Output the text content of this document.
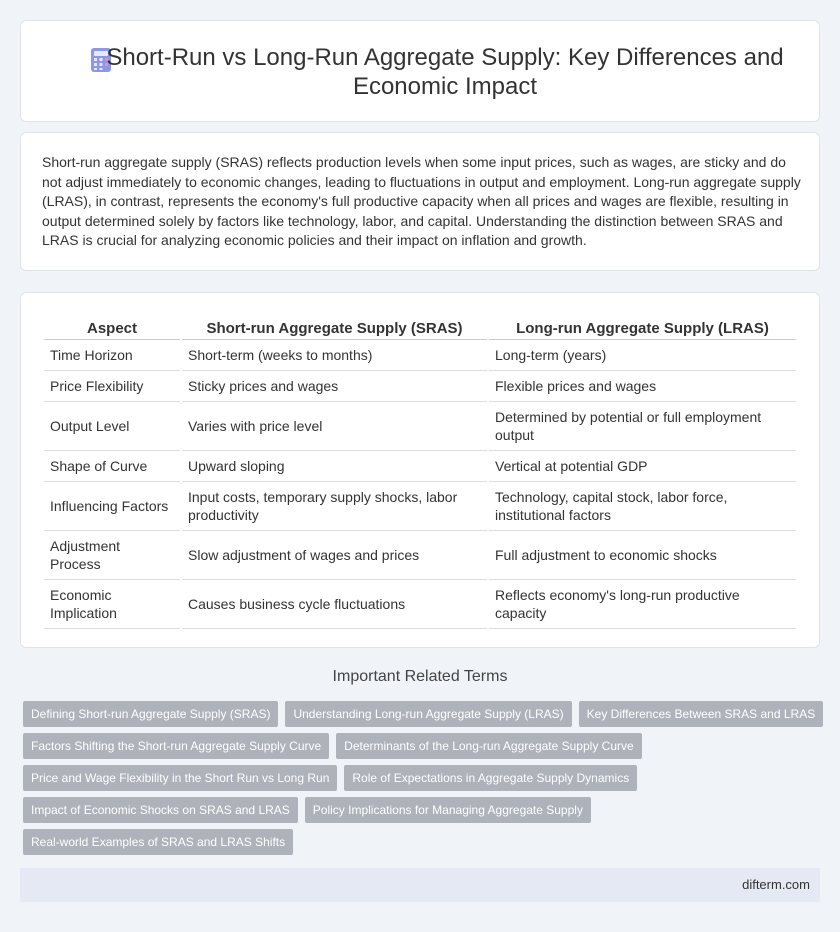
Short-Run vs Long-Run Aggregate Supply: Key Differences and Economic Impact

Short-run aggregate supply (SRAS) reflects production levels when some input prices, such as wages, are sticky and do not adjust immediately to economic changes, leading to fluctuations in output and employment. Long-run aggregate supply (LRAS), in contrast, represents the economy's full productive capacity when all prices and wages are flexible, resulting in output determined solely by factors like technology, labor, and capital. Understanding the distinction between SRAS and LRAS is crucial for analyzing economic policies and their impact on inflation and growth.

Aspect	Short-run Aggregate Supply (SRAS)	Long-run Aggregate Supply (LRAS)
Time Horizon	Short-term (weeks to months)	Long-term (years)
Price Flexibility	Sticky prices and wages	Flexible prices and wages
Output Level	Varies with price level	Determined by potential or full employment output
Shape of Curve	Upward sloping	Vertical at potential GDP
Influencing Factors	Input costs, temporary supply shocks, labor productivity	Technology, capital stock, labor force, institutional factors
Adjustment Process	Slow adjustment of wages and prices	Full adjustment to economic shocks
Economic Implication	Causes business cycle fluctuations	Reflects economy's long-run productive capacity
Important Related Terms
Defining Short-run Aggregate Supply (SRAS)	Understanding Long-run Aggregate Supply (LRAS)	Key Differences Between SRAS and LRAS
Factors Shifting the Short-run Aggregate Supply Curve	Determinants of the Long-run Aggregate Supply Curve
Price and Wage Flexibility in the Short Run vs Long Run	Role of Expectations in Aggregate Supply Dynamics
Impact of Economic Shocks on SRAS and LRAS	Policy Implications for Managing Aggregate Supply
Real-world Examples of SRAS and LRAS Shifts
difterm.com
